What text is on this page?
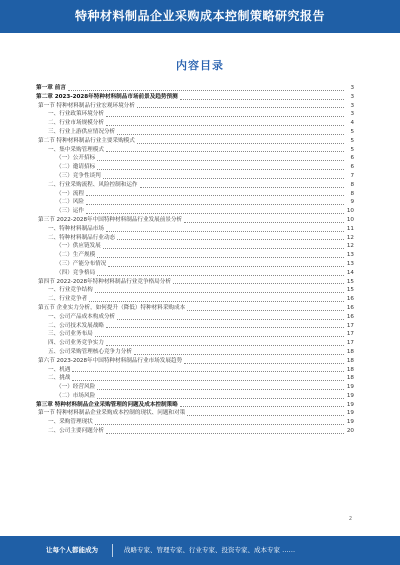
特种材料制品企业采购成本控制策略研究报告
内容目录
第一章 前言	3
第二章 2023-2028年特种材料制品市场前景及趋势预测	3
第一节 特种材料制品行业宏观环境分析	3
一、行业政策环境分析	3
二、行业市场规模分析	4
三、行业上游供应情况分析	5
第二节 特种材料制品行业主要采购模式	5
一、集中采购管理模式	5
（一）公开招标	6
（二）邀请招标	6
（三）竞争性谈判	7
二、行业采购流程、风险控制和运作	8
（一）流程	8
（二）风险	9
（三）运作	10
第三节 2022-2028年中国特种材料制品行业发展前景分析	10
一、特种材料制品市场	11
二、特种材料制品行业动态	12
（一）供应链发展	12
（二）生产规模	13
（三）产能分布情况	13
（四）竞争格局	14
第四节 2022-2028年特种材料制品行业竞争格局分析	15
一、行业竞争结构	15
二、行业竞争者	16
第五节 企业实力分析，如何提升（降低）特种材料采购成本	16
一、公司产品成本构成分析	16
二、公司技术发展战略	17
三、公司业务布局	17
四、公司业务竞争实力	17
五、公司采购管理核心竞争力分析	18
第六节 2023-2028年中国特种材料制品行业市场发展趋势	18
一、机遇	18
二、挑战	18
（一）经营风险	19
（二）市场风险	19
第三章 特种材料制品企业采购管理的问题及成本控制策略	19
第一节 特种材料制品企业采购成本控制的现状、问题和对策	19
一、采购管理现状	19
二、公司主要问题分析	20
2
让每个人都能成为	战略专家、管理专家、行业专家、投资专家、成本专家 ……
